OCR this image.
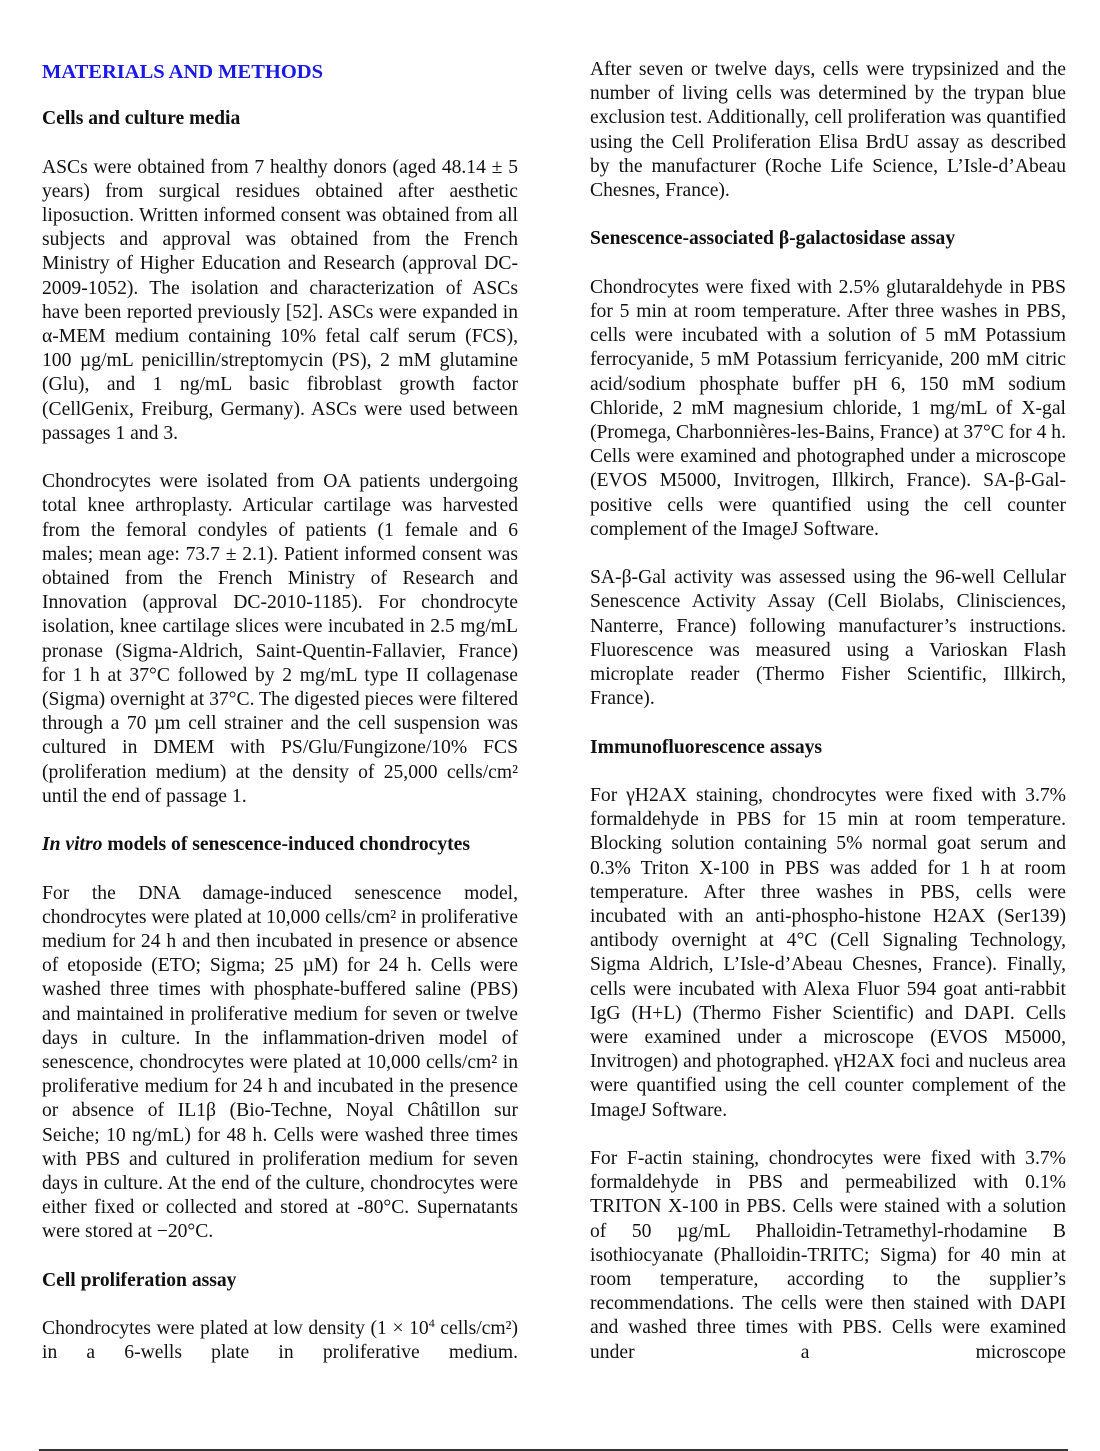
MATERIALS AND METHODS
Cells and culture media

ASCs were obtained from 7 healthy donors (aged 48.14 ± 5 years) from surgical residues obtained after aesthetic liposuction. Written informed consent was obtained from all subjects and approval was obtained from the French Ministry of Higher Education and Research (approval DC-2009-1052). The isolation and characterization of ASCs have been reported previously [52]. ASCs were expanded in α-MEM medium containing 10% fetal calf serum (FCS), 100 µg/mL penicillin/streptomycin (PS), 2 mM glutamine (Glu), and 1 ng/mL basic fibroblast growth factor (CellGenix, Freiburg, Germany). ASCs were used between passages 1 and 3.

Chondrocytes were isolated from OA patients undergoing total knee arthroplasty. Articular cartilage was harvested from the femoral condyles of patients (1 female and 6 males; mean age: 73.7 ± 2.1). Patient informed consent was obtained from the French Ministry of Research and Innovation (approval DC-2010-1185). For chondrocyte isolation, knee cartilage slices were incubated in 2.5 mg/mL pronase (Sigma-Aldrich, Saint-Quentin-Fallavier, France) for 1 h at 37°C followed by 2 mg/mL type II collagenase (Sigma) overnight at 37°C. The digested pieces were filtered through a 70 µm cell strainer and the cell suspension was cultured in DMEM with PS/Glu/Fungizone/10% FCS (proliferation medium) at the density of 25,000 cells/cm² until the end of passage 1.

In vitro models of senescence-induced chondrocytes

For the DNA damage-induced senescence model, chondrocytes were plated at 10,000 cells/cm² in proliferative medium for 24 h and then incubated in presence or absence of etoposide (ETO; Sigma; 25 µM) for 24 h. Cells were washed three times with phosphate-buffered saline (PBS) and maintained in proliferative medium for seven or twelve days in culture. In the inflammation-driven model of senescence, chondrocytes were plated at 10,000 cells/cm² in proliferative medium for 24 h and incubated in the presence or absence of IL1β (Bio-Techne, Noyal Châtillon sur Seiche; 10 ng/mL) for 48 h. Cells were washed three times with PBS and cultured in proliferation medium for seven days in culture. At the end of the culture, chondrocytes were either fixed or collected and stored at -80°C. Supernatants were stored at −20°C.

Cell proliferation assay

Chondrocytes were plated at low density ($1 \times 10^4$ cells/cm²) in a 6-wells plate in proliferative medium.

After seven or twelve days, cells were trypsinized and the number of living cells was determined by the trypan blue exclusion test. Additionally, cell proliferation was quantified using the Cell Proliferation Elisa BrdU assay as described by the manufacturer (Roche Life Science, L’Isle-d’Abeau Chesnes, France).

Senescence-associated β-galactosidase assay

Chondrocytes were fixed with 2.5% glutaraldehyde in PBS for 5 min at room temperature. After three washes in PBS, cells were incubated with a solution of 5 mM Potassium ferrocyanide, 5 mM Potassium ferricyanide, 200 mM citric acid/sodium phosphate buffer pH 6, 150 mM sodium Chloride, 2 mM magnesium chloride, 1 mg/mL of X-gal (Promega, Charbonnières-les-Bains, France) at 37°C for 4 h. Cells were examined and photographed under a microscope (EVOS M5000, Invitrogen, Illkirch, France). SA-β-Gal-positive cells were quantified using the cell counter complement of the ImageJ Software.

SA-β-Gal activity was assessed using the 96-well Cellular Senescence Activity Assay (Cell Biolabs, Clinisciences, Nanterre, France) following manufacturer’s instructions. Fluorescence was measured using a Varioskan Flash microplate reader (Thermo Fisher Scientific, Illkirch, France).

Immunofluorescence assays

For γH2AX staining, chondrocytes were fixed with 3.7% formaldehyde in PBS for 15 min at room temperature. Blocking solution containing 5% normal goat serum and 0.3% Triton X-100 in PBS was added for 1 h at room temperature. After three washes in PBS, cells were incubated with an anti-phospho-histone H2AX (Ser139) antibody overnight at 4°C (Cell Signaling Technology, Sigma Aldrich, L’Isle-d’Abeau Chesnes, France). Finally, cells were incubated with Alexa Fluor 594 goat anti-rabbit IgG (H+L) (Thermo Fisher Scientific) and DAPI. Cells were examined under a microscope (EVOS M5000, Invitrogen) and photographed. γH2AX foci and nucleus area were quantified using the cell counter complement of the ImageJ Software.

For F-actin staining, chondrocytes were fixed with 3.7% formaldehyde in PBS and permeabilized with 0.1% TRITON X-100 in PBS. Cells were stained with a solution of 50 µg/mL Phalloidin-Tetramethyl-rhodamine B isothiocyanate (Phalloidin-TRITC; Sigma) for 40 min at room temperature, according to the supplier’s recommendations. The cells were then stained with DAPI and washed three times with PBS. Cells were examined under a microscope
